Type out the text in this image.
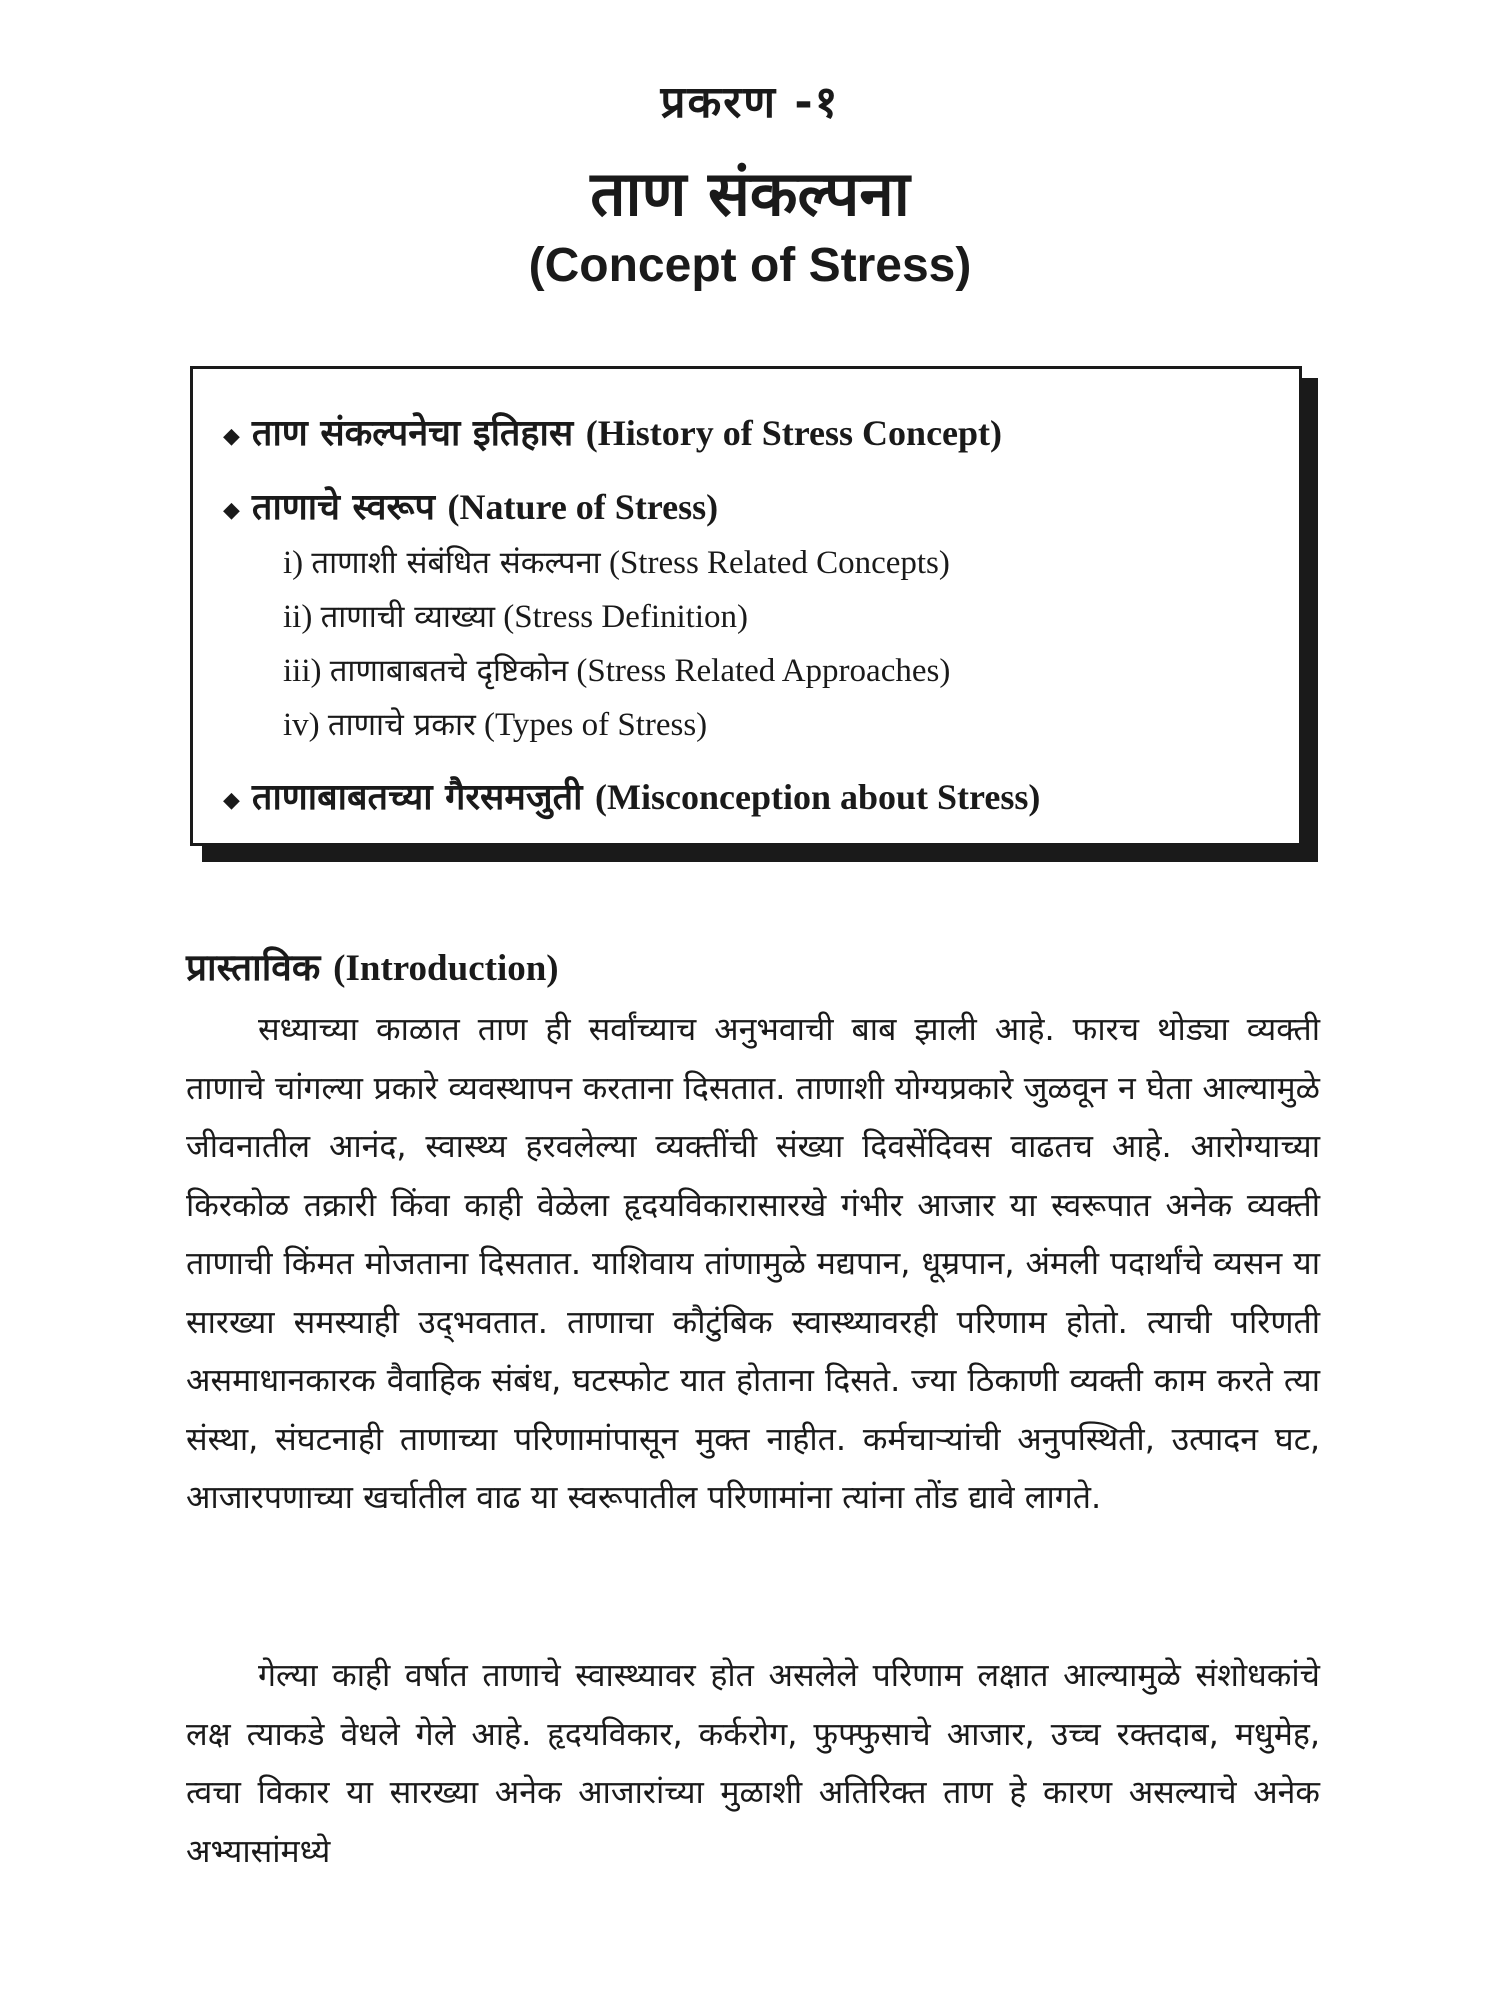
प्रकरण -१
ताण संकल्पना
(Concept of Stress)
◆ ताण संकल्पनेचा इतिहास (History of Stress Concept)
◆ ताणाचे स्वरूप (Nature of Stress)
i) ताणाशी संबंधित संकल्पना (Stress Related Concepts)
ii) ताणाची व्याख्या (Stress Definition)
iii) ताणाबाबतचे दृष्टिकोन (Stress Related Approaches)
iv) ताणाचे प्रकार (Types of Stress)
◆ ताणाबाबतच्या गैरसमजुती (Misconception about Stress)
प्रास्ताविक (Introduction)

सध्याच्या काळात ताण ही सर्वांच्याच अनुभवाची बाब झाली आहे. फारच थोड्या व्यक्ती ताणाचे चांगल्या प्रकारे व्यवस्थापन करताना दिसतात. ताणाशी योग्यप्रकारे जुळवून न घेता आल्यामुळे जीवनातील आनंद, स्वास्थ्य हरवलेल्या व्यक्तींची संख्या दिवसेंदिवस वाढतच आहे. आरोग्याच्या किरकोळ तक्रारी किंवा काही वेळेला हृदयविकारासारखे गंभीर आजार या स्वरूपात अनेक व्यक्ती ताणाची किंमत मोजताना दिसतात. याशिवाय तांणामुळे मद्यपान, धूम्रपान, अंमली पदार्थांचे व्यसन या सारख्या समस्याही उद्‌भवतात. ताणाचा कौटुंबिक स्वास्थ्यावरही परिणाम होतो. त्याची परिणती असमाधानकारक वैवाहिक संबंध, घटस्फोट यात होताना दिसते. ज्या ठिकाणी व्यक्ती काम करते त्या संस्था, संघटनाही ताणाच्या परिणामांपासून मुक्त नाहीत. कर्मचाऱ्यांची अनुपस्थिती, उत्पादन घट, आजारपणाच्या खर्चातील वाढ या स्वरूपातील परिणामांना त्यांना तोंड द्यावे लागते.

गेल्या काही वर्षात ताणाचे स्वास्थ्यावर होत असलेले परिणाम लक्षात आल्यामुळे संशोधकांचे लक्ष त्याकडे वेधले गेले आहे. हृदयविकार, कर्करोग, फुफ्फुसाचे आजार, उच्च रक्तदाब, मधुमेह, त्वचा विकार या सारख्या अनेक आजारांच्या मुळाशी अतिरिक्त ताण हे कारण असल्याचे अनेक अभ्यासांमध्ये
